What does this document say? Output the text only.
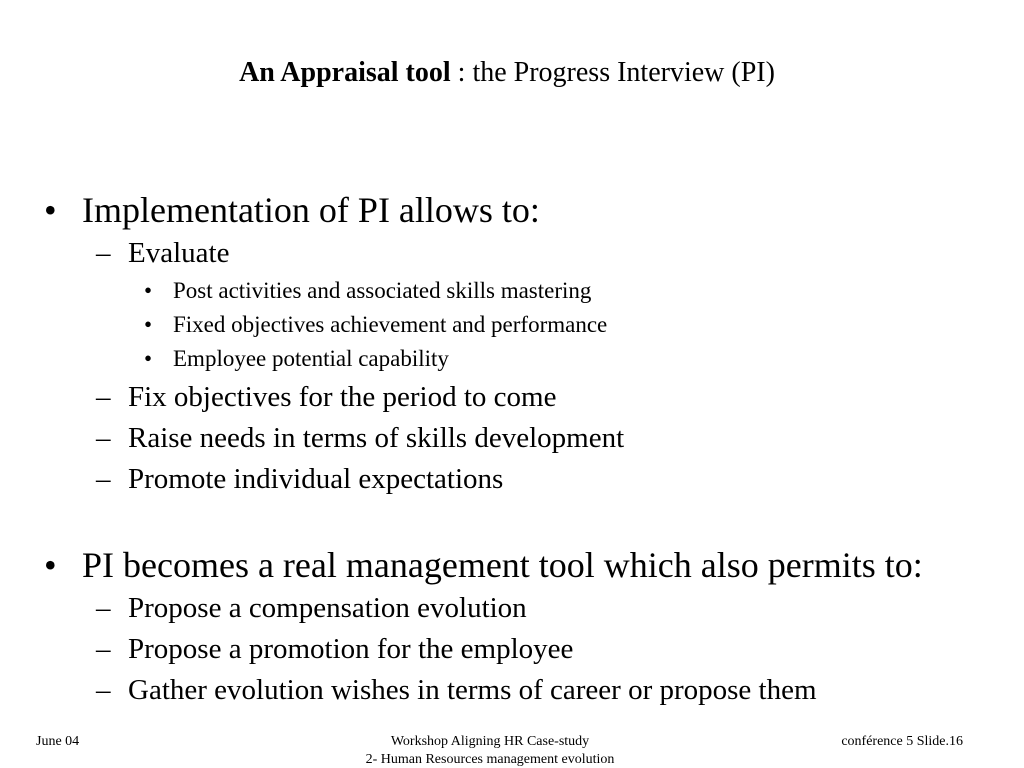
An Appraisal tool : the Progress Interview (PI)
• Implementation of PI allows to:
– Evaluate
• Post activities and associated skills mastering
• Fixed objectives achievement and performance
• Employee potential capability
– Fix objectives for the period to come
– Raise needs in terms of skills development
– Promote individual expectations
• PI becomes a real management tool which also permits to:
– Propose a compensation evolution
– Propose a promotion for the employee
– Gather evolution wishes in terms of career or propose them
June 04	Workshop Aligning HR Case-study
2- Human Resources management evolution
conférence 5 Slide.16
